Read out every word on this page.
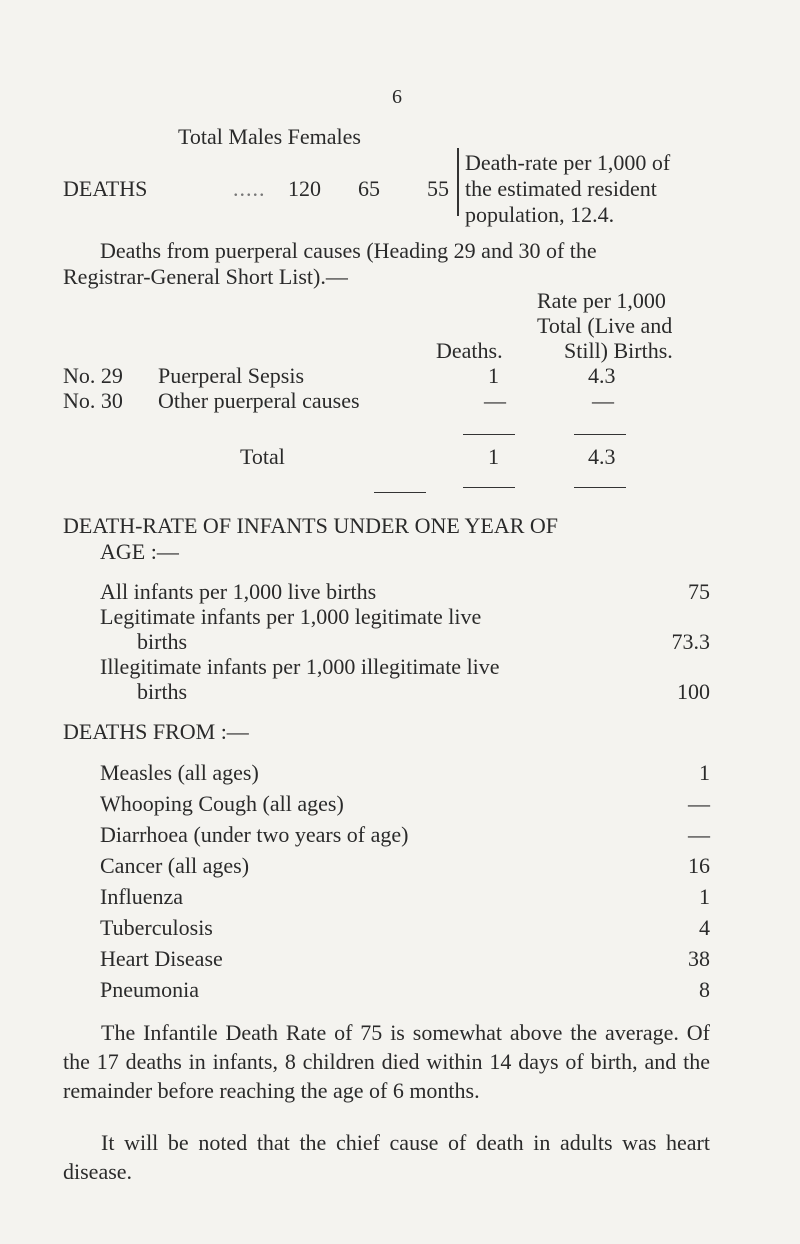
6
Total Males Females
DEATHS	..... 120 65 55
Death-rate per 1,000 of
the estimated resident
population, 12.4.
Deaths from puerperal causes (Heading 29 and 30 of the
Registrar-General Short List).—
Rate per 1,000
Total (Live and
Still) Births.
Deaths.
No. 29 Puerperal Sepsis	1	4.3
No. 30 Other puerperal causes	—	—
Total	1	4.3
DEATH-RATE OF INFANTS UNDER ONE YEAR OF
AGE :—
All infants per 1,000 live births	75
Legitimate infants per 1,000 legitimate live
births	73.3
Illegitimate infants per 1,000 illegitimate live
births	100
DEATHS FROM :—
Measles (all ages)	1
Whooping Cough (all ages)	—
Diarrhoea (under two years of age)	—
Cancer (all ages)	16
Influenza	1
Tuberculosis	4
Heart Disease	38
Pneumonia	8
The Infantile Death Rate of 75 is somewhat above the average. Of the 17 deaths in infants, 8 children died within 14 days of birth, and the remainder before reaching the age of 6 months.
It will be noted that the chief cause of death in adults was heart disease.
